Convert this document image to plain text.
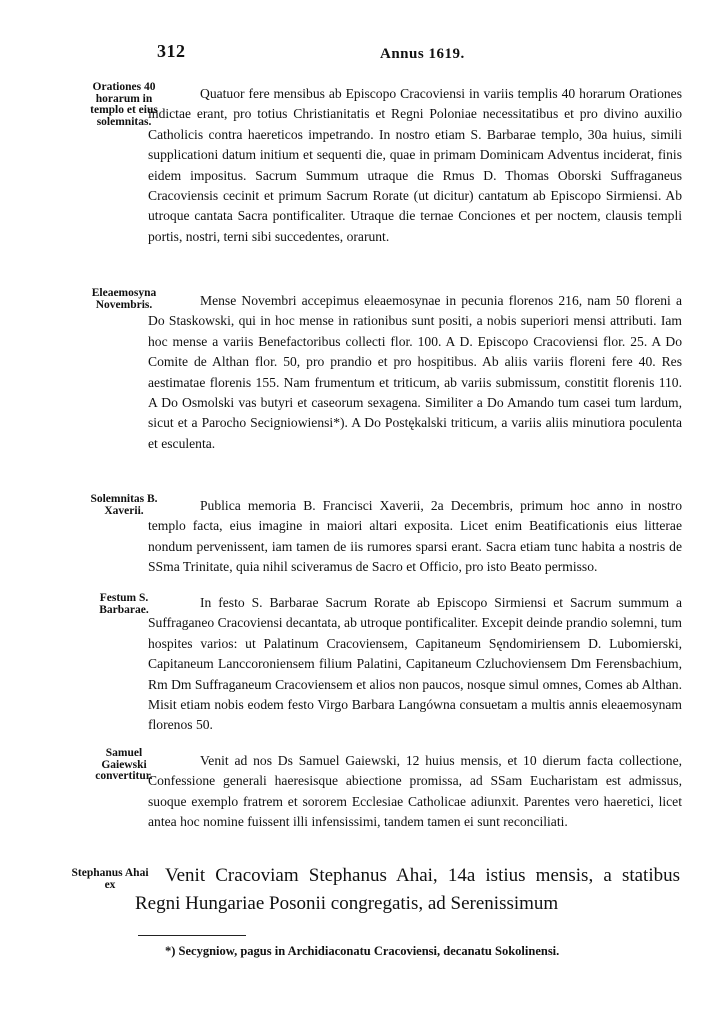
312	Annus 1619.
Orationes 40 horarum in templo et eius solemnitas.
Quatuor fere mensibus ab Episcopo Cracoviensi in variis templis 40 horarum Orationes indictae erant, pro totius Christianitatis et Regni Poloniae necessitatibus et pro divino auxilio Catholicis contra haereticos impetrando. In nostro etiam S. Barbarae templo, 30a huius, simili supplicationi datum initium et sequenti die, quae in primam Dominicam Adventus inciderat, finis eidem impositus. Sacrum Summum utraque die Rmus D. Thomas Oborski Suffraganeus Cracoviensis cecinit et primum Sacrum Rorate (ut dicitur) cantatum ab Episcopo Sirmiensi. Ab utroque cantata Sacra pontificaliter. Utraque die ternae Conciones et per noctem, clausis templi portis, nostri, terni sibi succedentes, orarunt.
Eleaemosyna Novembris.	Mense Novembri accepimus eleaemosynae in pecunia florenos 216, nam 50 floreni a Do Staskowski, qui in hoc mense in rationibus sunt positi, a nobis superiori mensi attributi. Iam hoc mense a variis Benefactoribus collecti flor. 100. A D. Episcopo Cracoviensi flor. 25. A Do Comite de Althan flor. 50, pro prandio et pro hospitibus. Ab aliis variis floreni fere 40. Res aestimatae florenis 155. Nam frumentum et triticum, ab variis submissum, constitit florenis 110. A Do Osmolski vas butyri et caseorum sexagena. Similiter a Do Amando tum casei tum lardum, sicut et a Parocho Secigniowiensi*). A Do Postękalski triticum, a variis aliis minutiora poculenta et esculenta.
Solemnitas B. Xaverii.	Publica memoria B. Francisci Xaverii, 2a Decembris, primum hoc anno in nostro templo facta, eius imagine in maiori altari exposita. Licet enim Beatificationis eius litterae nondum pervenissent, iam tamen de iis rumores sparsi erant. Sacra etiam tunc habita a nostris de SSma Trinitate, quia nihil sciveramus de Sacro et Officio, pro isto Beato permisso.
Festum S. Barbarae.	In festo S. Barbarae Sacrum Rorate ab Episcopo Sirmiensi et Sacrum summum a Suffraganeo Cracoviensi decantata, ab utroque pontificaliter. Excepit deinde prandio solemni, tum hospites varios: ut Palatinum Cracoviensem, Capitaneum Sęndomiriensem D. Lubomierski, Capitaneum Lanccoroniensem filium Palatini, Capitaneum Czluchoviensem Dm Ferensbachium, Rm Dm Suffraganeum Cracoviensem et alios non paucos, nosque simul omnes, Comes ab Althan. Misit etiam nobis eodem festo Virgo Barbara Langówna consuetam a multis annis eleaemosynam florenos 50.
Samuel Gaiewski convertitur.
Venit ad nos Ds Samuel Gaiewski, 12 huius mensis, et 10 dierum facta collectione, Confessione generali haeresisque abiectione promissa, ad SSam Eucharistam est admissus, suoque exemplo fratrem et sororem Ecclesiae Catholicae adiunxit. Parentes vero haeretici, licet antea hoc nomine fuissent illi infensissimi, tandem tamen ei sunt reconciliati.
Stephanus Ahai ex	Venit Cracoviam Stephanus Ahai, 14a istius mensis, a statibus Regni Hungariae Posonii congregatis, ad Serenissimum
*) Secygniow, pagus in Archidiaconatu Cracoviensi, decanatu Sokolinensi.
